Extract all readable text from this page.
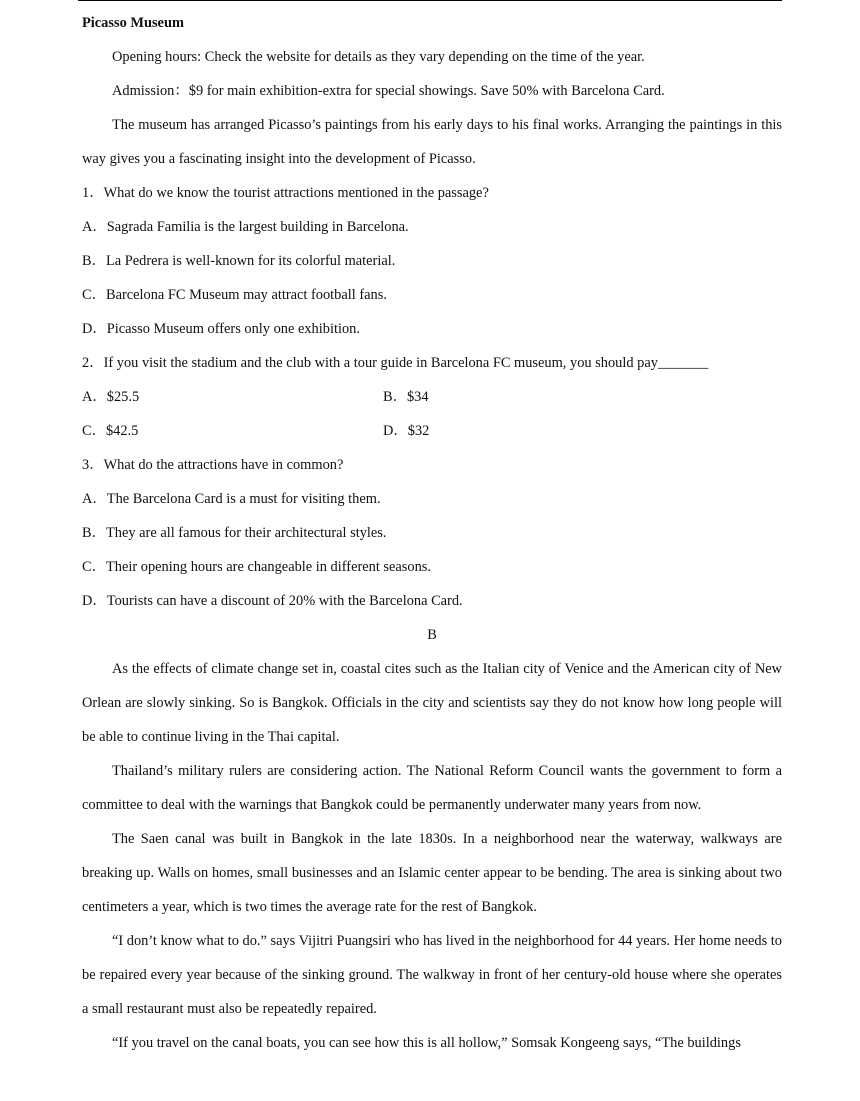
Picasso Museum
Opening hours: Check the website for details as they vary depending on the time of the year.
Admission：$9 for main exhibition-extra for special showings. Save 50% with Barcelona Card.

The museum has arranged Picasso’s paintings from his early days to his final works. Arranging the paintings in this way gives you a fascinating insight into the development of Picasso.

1．What do we know the tourist attractions mentioned in the passage?
A．Sagrada Familia is the largest building in Barcelona.
B．La Pedrera is well-known for its colorful material.
C．Barcelona FC Museum may attract football fans.
D．Picasso Museum offers only one exhibition.
2．If you visit the stadium and the club with a tour guide in Barcelona FC museum, you should pay_______
A．$25.5	B．$34
C．$42.5	D．$32
3．What do the attractions have in common?
A．The Barcelona Card is a must for visiting them.
B．They are all famous for their architectural styles.
C．Their opening hours are changeable in different seasons.
D．Tourists can have a discount of 20% with the Barcelona Card.
B

As the effects of climate change set in, coastal cites such as the Italian city of Venice and the American city of New Orlean are slowly sinking. So is Bangkok. Officials in the city and scientists say they do not know how long people will be able to continue living in the Thai capital.

Thailand’s military rulers are considering action. The National Reform Council wants the government to form a committee to deal with the warnings that Bangkok could be permanently underwater many years from now.

The Saen canal was built in Bangkok in the late 1830s. In a neighborhood near the waterway, walkways are breaking up. Walls on homes, small businesses and an Islamic center appear to be bending. The area is sinking about two centimeters a year, which is two times the average rate for the rest of Bangkok.

“I don’t know what to do.” says Vijitri Puangsiri who has lived in the neighborhood for 44 years. Her home needs to be repaired every year because of the sinking ground. The walkway in front of her century-old house where she operates a small restaurant must also be repeatedly repaired.

“If you travel on the canal boats, you can see how this is all hollow,” Somsak Kongeeng says, “The buildings
